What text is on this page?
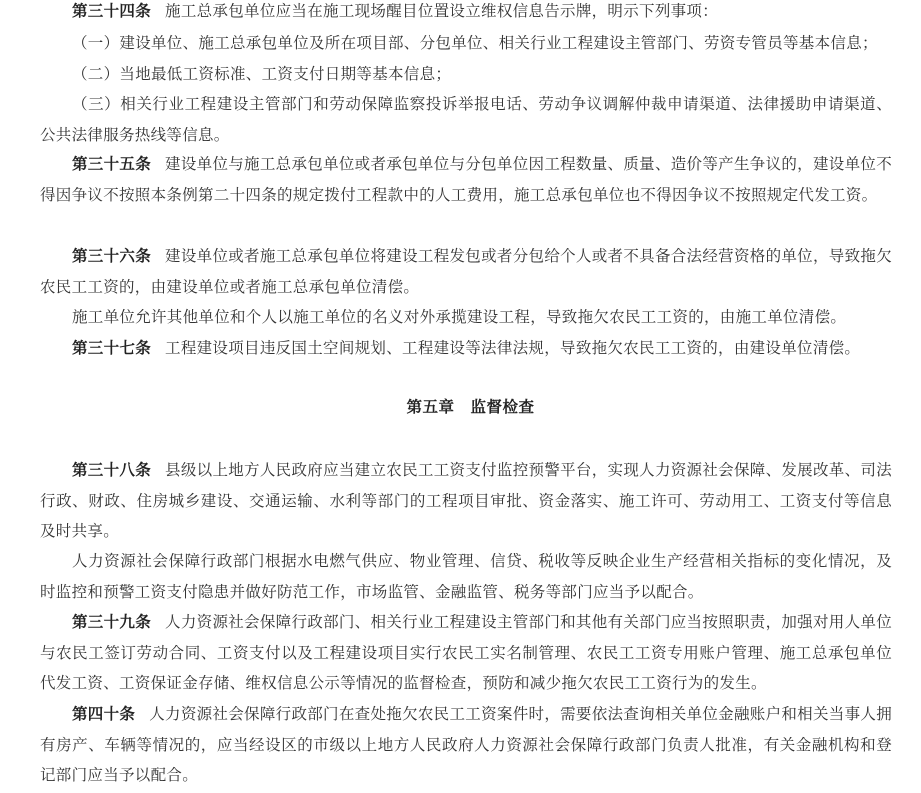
第三十四条 施工总承包单位应当在施工现场醒目位置设立维权信息告示牌，明示下列事项：

（一）建设单位、施工总承包单位及所在项目部、分包单位、相关行业工程建设主管部门、劳资专管员等基本信息；

（二）当地最低工资标准、工资支付日期等基本信息；

（三）相关行业工程建设主管部门和劳动保障监察投诉举报电话、劳动争议调解仲裁申请渠道、法律援助申请渠道、公共法律服务热线等信息。

第三十五条 建设单位与施工总承包单位或者承包单位与分包单位因工程数量、质量、造价等产生争议的，建设单位不得因争议不按照本条例第二十四条的规定拨付工程款中的人工费用，施工总承包单位也不得因争议不按照规定代发工资。

第三十六条 建设单位或者施工总承包单位将建设工程发包或者分包给个人或者不具备合法经营资格的单位，导致拖欠农民工工资的，由建设单位或者施工总承包单位清偿。

施工单位允许其他单位和个人以施工单位的名义对外承揽建设工程，导致拖欠农民工工资的，由施工单位清偿。

第三十七条 工程建设项目违反国土空间规划、工程建设等法律法规，导致拖欠农民工工资的，由建设单位清偿。

第五章 监督检查

第三十八条 县级以上地方人民政府应当建立农民工工资支付监控预警平台，实现人力资源社会保障、发展改革、司法行政、财政、住房城乡建设、交通运输、水利等部门的工程项目审批、资金落实、施工许可、劳动用工、工资支付等信息及时共享。

人力资源社会保障行政部门根据水电燃气供应、物业管理、信贷、税收等反映企业生产经营相关指标的变化情况，及时监控和预警工资支付隐患并做好防范工作，市场监管、金融监管、税务等部门应当予以配合。

第三十九条 人力资源社会保障行政部门、相关行业工程建设主管部门和其他有关部门应当按照职责，加强对用人单位与农民工签订劳动合同、工资支付以及工程建设项目实行农民工实名制管理、农民工工资专用账户管理、施工总承包单位代发工资、工资保证金存储、维权信息公示等情况的监督检查，预防和减少拖欠农民工工资行为的发生。

第四十条 人力资源社会保障行政部门在查处拖欠农民工工资案件时，需要依法查询相关单位金融账户和相关当事人拥有房产、车辆等情况的，应当经设区的市级以上地方人民政府人力资源社会保障行政部门负责人批准，有关金融机构和登记部门应当予以配合。
